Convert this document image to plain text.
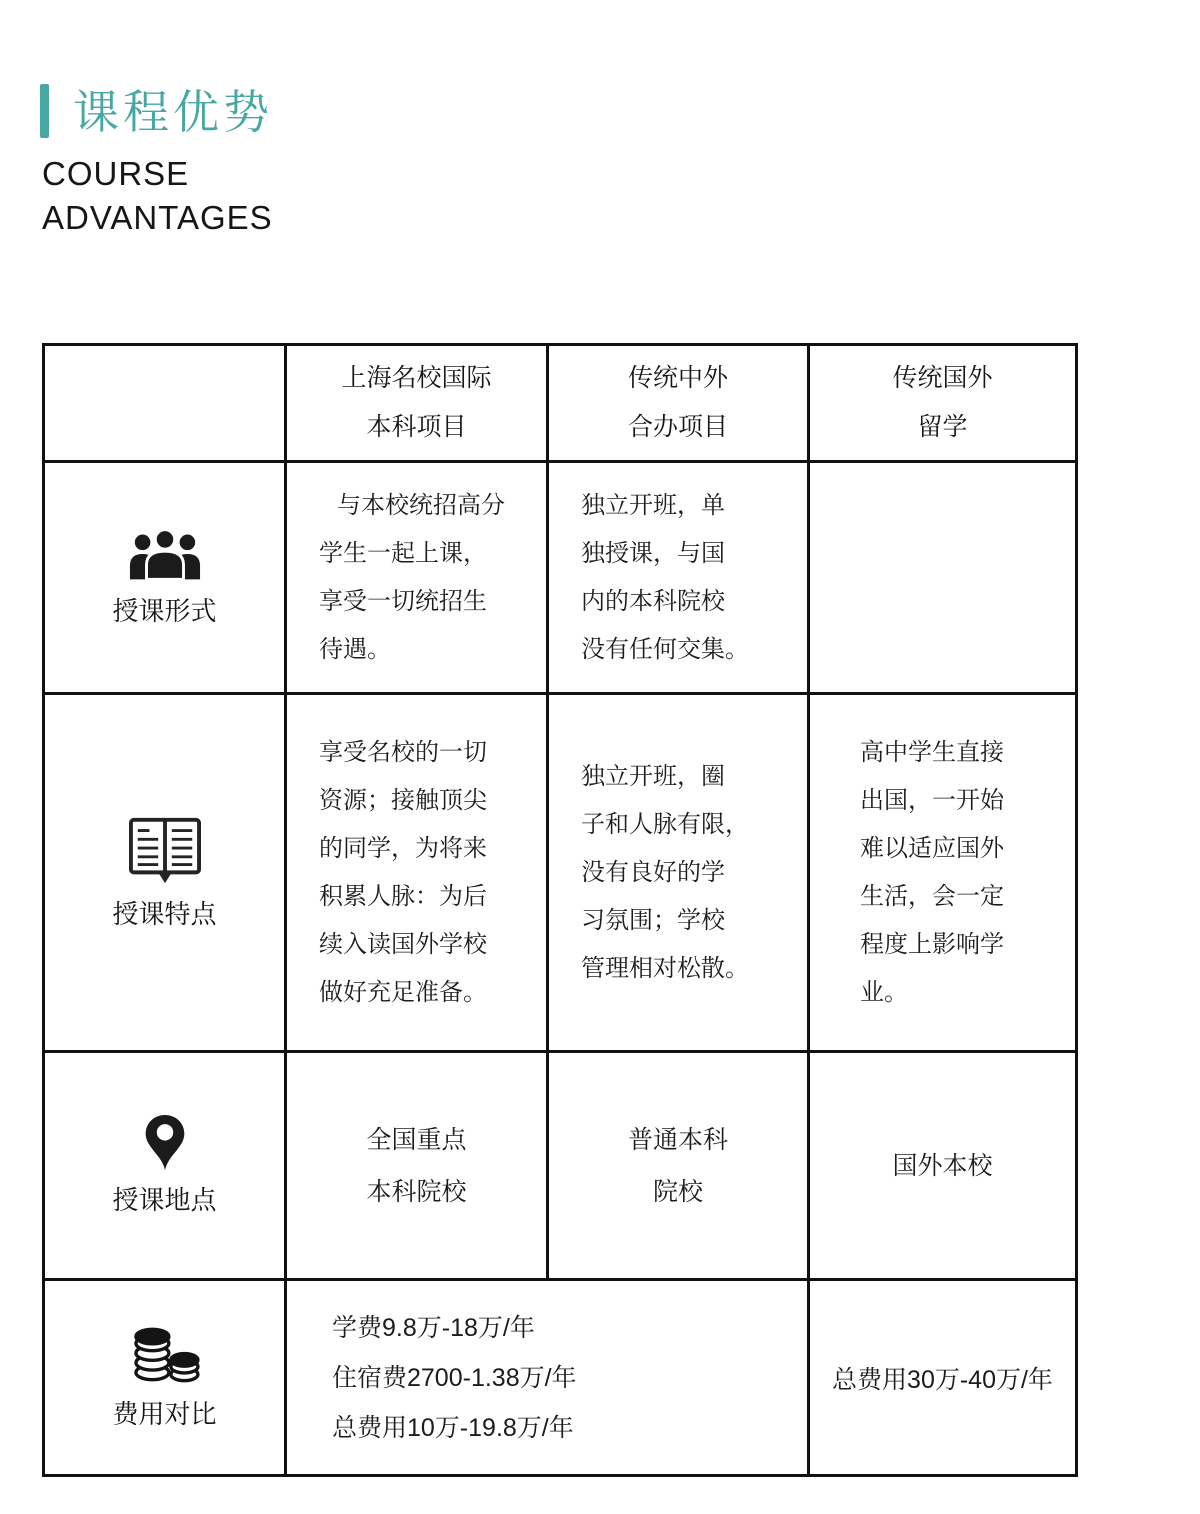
课程优势
COURSE
ADVANTAGES
上海名校国际
本科项目
传统中外
合办项目
传统国外
留学
授课形式
与本校统招高分
学生一起上课，
享受一切统招生
待遇。
独立开班，单
独授课，与国
内的本科院校
没有任何交集。
授课特点
享受名校的一切
资源；接触顶尖
的同学，为将来
积累人脉：为后
续入读国外学校
做好充足准备。
独立开班，圈
子和人脉有限，
没有良好的学
习氛围；学校
管理相对松散。
高中学生直接
出国，一开始
难以适应国外
生活，会一定
程度上影响学
业。
授课地点
全国重点
本科院校
普通本科
院校
国外本校
费用对比
学费9.8万-18万/年
住宿费2700-1.38万/年
总费用10万-19.8万/年
总费用30万-40万/年
